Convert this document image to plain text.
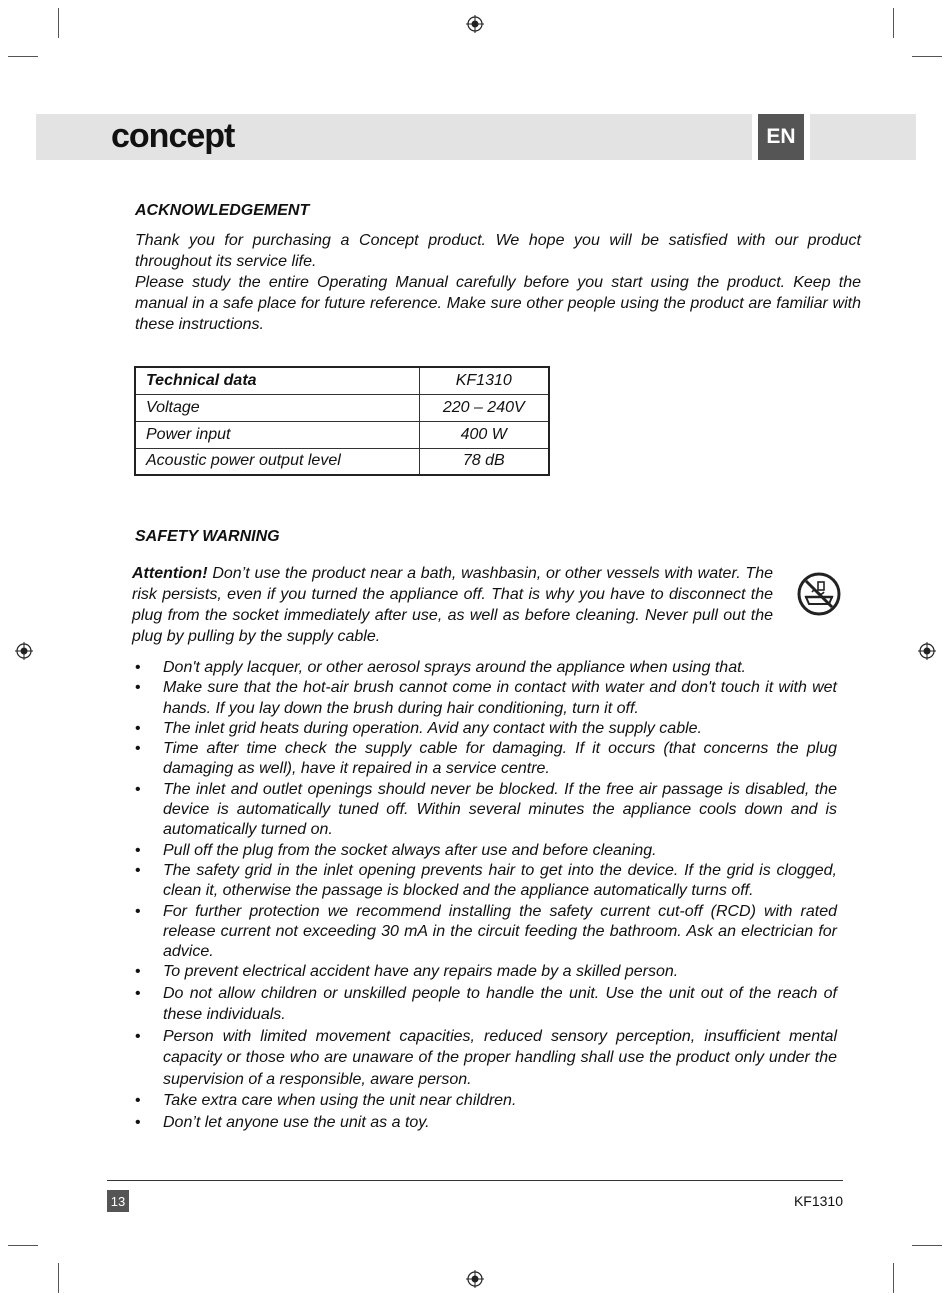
concept	EN
ACKNOWLEDGEMENT

Thank you for purchasing a Concept product. We hope you will be satisfied with our product throughout its service life.

Please study the entire Operating Manual carefully before you start using the product. Keep the manual in a safe place for future reference. Make sure other people using the product are familiar with these instructions.

Technical data	KF1310
Voltage	220 – 240V
Power input	400 W
Acoustic power output level	78 dB
SAFETY WARNING

Attention! Don’t use the product near a bath, washbasin, or other vessels with water. The risk persists, even if you turned the appliance off. That is why you have to disconnect the plug from the socket immediately after use, as well as before cleaning. Never pull out the plug by pulling by the supply cable.

• Don't apply lacquer, or other aerosol sprays around the appliance when using that.
• Make sure that the hot-air brush cannot come in contact with water and don't touch it with wet hands. If you lay down the brush during hair conditioning, turn it off.
• The inlet grid heats during operation. Avid any contact with the supply cable.
• Time after time check the supply cable for damaging. If it occurs (that concerns the plug damaging as well), have it repaired in a service centre.
• The inlet and outlet openings should never be blocked. If the free air passage is disabled, the device is automatically tuned off. Within several minutes the appliance cools down and is automatically turned on.
• Pull off the plug from the socket always after use and before cleaning.
• The safety grid in the inlet opening prevents hair to get into the device. If the grid is clogged, clean it, otherwise the passage is blocked and the appliance automatically turns off.
• For further protection we recommend installing the safety current cut-off (RCD) with rated release current not exceeding 30 mA in the circuit feeding the bathroom. Ask an electrician for advice.
• To prevent electrical accident have any repairs made by a skilled person.
• Do not allow children or unskilled people to handle the unit. Use the unit out of the reach of these individuals.
• Person with limited movement capacities, reduced sensory perception, insufficient mental capacity or those who are unaware of the proper handling shall use the product only under the supervision of a responsible, aware person.
• Take extra care when using the unit near children.
• Don’t let anyone use the unit as a toy.
13	KF1310
